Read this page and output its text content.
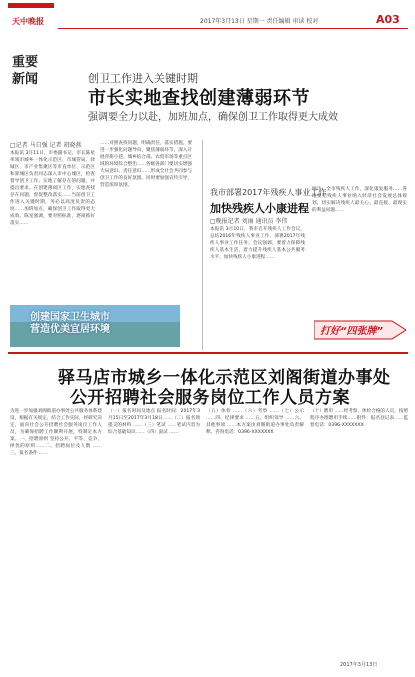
天中晚报
重要
新闻
2017年3月13日 星期一 责任编辑 审读 校对	A03
创卫工作进入关键时期
市长实地查找创建薄弱环节
强调要全力以赴，加班加点，确保创卫工作取得更大成效
□记者 马自强 记者 胡晓燕
本报讯 3月11日，市委副书记、市长陈星率领市城乡一体化示范区、市城管局、驿城区、市产业集聚区等市直单位、示范区和驿城区负责同志深入市中心城区，检查督导创卫工作。实地了解存在的问题，并提出要求。在创建薄弱区工作，实地查找存在问题，督促整改落实……当前创卫工作进入关键时期，务必以高度负责的态度……加班加点，确保创卫工作取得更大成效。陈星强调，要对照标准，逐项抓好落实……
……对照查找问题，明确责任，落实措施。要进一步强化问题导向，聚焦薄弱环节，深入开展背街小巷、城乡结合部、农贸市场等重点区域的环境综合整治……各级各部门要切实增强大局意识、责任意识……形成全社会共同参与创卫工作的良好氛围。同时要加强宣传引导，营造浓厚氛围。
创建国家卫生城市
营造优美宜居环境
我市部署2017年残疾人事业工作
加快残疾人小康进程
□晚报记者 刘丽 通讯员 李伟
本报讯 3月10日，我市召开残疾人工作会议，总结2016年残疾人事业工作，部署2017年残疾人事业工作任务。会议强调，要着力保障残疾人基本生活，着力提升残疾人基本公共服务水平，加快残疾人小康进程……
统计：全市残疾人工作，深化康复服务……各地要把残疾人事业纳入经济社会发展总体规划，切实解决残疾人最关心、最直接、最现实的利益问题……
打好“四张牌”
驿马店市城乡一体化示范区刘阁街道办事处
公开招聘社会服务岗位工作人员方案
为进一步加强刘阁街道办事处公共服务体系建设，根据有关规定，结合工作实际，经研究决定，面向社会公开招聘社会服务岗位工作人员，为确保招聘工作顺利开展，特制定本方案。一、招聘原则 坚持公开、平等、竞争、择优的原则……二、招聘岗位及人数 ……三、报名条件 ……
（一）报名时间及地点 报名时间：2017年3月15日至2017年3月18日……（二）报名须提交的材料 ……（三）笔试 ……笔试内容为综合基础知识……（四）面试 ……
（五）体检 ……（六）考察 ……（七）公示 ……四、纪律要求 ……五、组织领导 ……六、其他事项 ……本方案由刘阁街道办事处负责解释。咨询电话：0396-XXXXXXX
（十）聘用 ……经考察、体检合格的人员，按照程序办理聘用手续……附件：报名登记表……监督电话：0396-XXXXXXX
2017年3月13日
